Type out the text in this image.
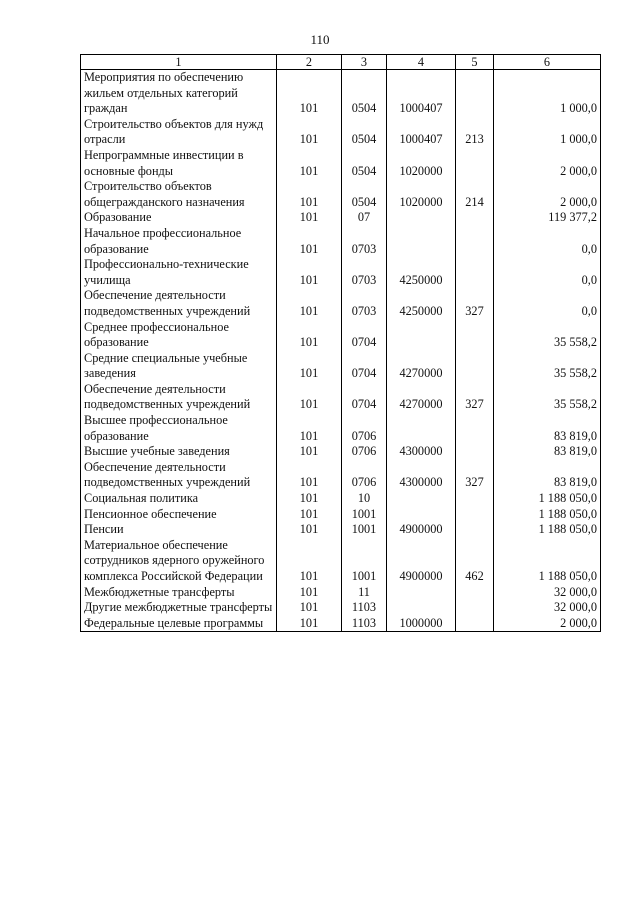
110
1	2	3	4	5	6
Мероприятия по обеспечению жильем отдельных категорий граждан	101	0504	1000407		1 000,0
Строительство объектов для нужд отрасли	101	0504	1000407	213	1 000,0
Непрограммные инвестиции в основные фонды	101	0504	1020000		2 000,0
Строительство объектов общегражданского назначения	101	0504	1020000	214	2 000,0
Образование	101	07			119 377,2
Начальное профессиональное образование	101	0703			0,0
Профессионально-технические училища	101	0703	4250000		0,0
Обеспечение деятельности подведомственных учреждений	101	0703	4250000	327	0,0
Среднее профессиональное образование	101	0704			35 558,2
Средние специальные учебные заведения	101	0704	4270000		35 558,2
Обеспечение деятельности подведомственных учреждений	101	0704	4270000	327	35 558,2
Высшее профессиональное образование	101	0706			83 819,0
Высшие учебные заведения	101	0706	4300000		83 819,0
Обеспечение деятельности подведомственных учреждений	101	0706	4300000	327	83 819,0
Социальная политика	101	10			1 188 050,0
Пенсионное обеспечение	101	1001			1 188 050,0
Пенсии	101	1001	4900000		1 188 050,0
Материальное обеспечение сотрудников ядерного оружейного комплекса Российской Федерации	101	1001	4900000	462	1 188 050,0
Межбюджетные трансферты	101	11			32 000,0
Другие межбюджетные трансферты	101	1103			32 000,0
Федеральные целевые программы	101	1103	1000000		2 000,0
